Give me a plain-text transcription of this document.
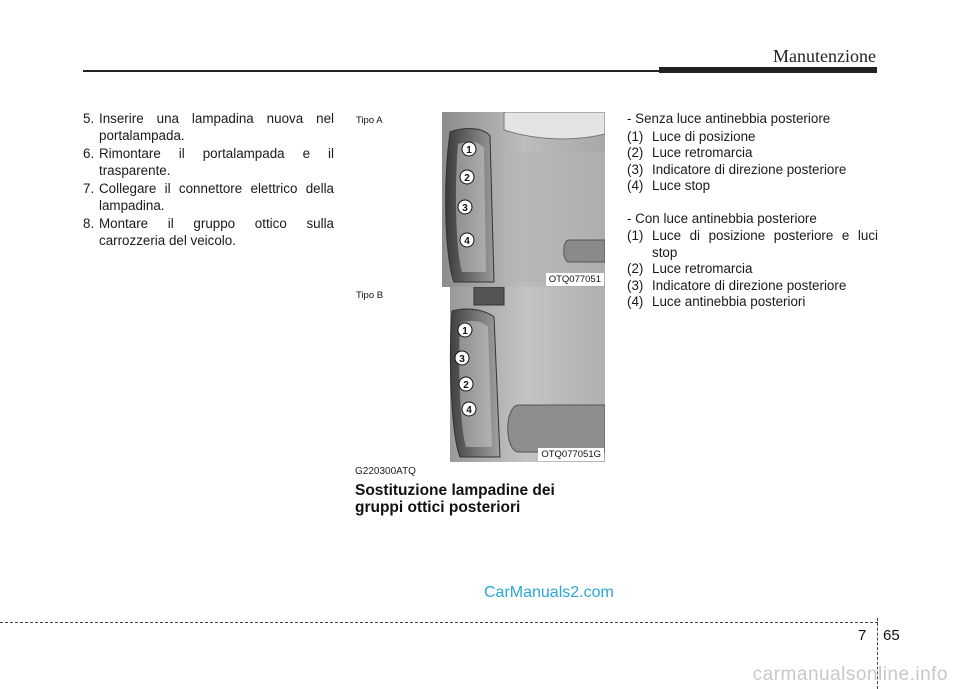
Manutenzione
5. Inserire una lampadina nuova nel
portalampada.
6. Rimontare il portalampada e il
trasparente.
7. Collegare il connettore elettrico della
lampadina.
8. Montare il gruppo ottico sulla
carrozzeria del veicolo.
1
2
3
4
Tipo A
OTQ077051
1
3
2
4
Tipo B
OTQ077051G
G220300ATQ
Sostituzione lampadine dei
gruppi ottici posteriori
- Senza luce antinebbia posteriore
(1) Luce di posizione
(2) Luce retromarcia
(3) Indicatore di direzione posteriore
(4) Luce stop
- Con luce antinebbia posteriore
(1) Luce di posizione posteriore e luci
stop
(2) Luce retromarcia
(3) Indicatore di direzione posteriore
(4) Luce antinebbia posteriori
CarManuals2.com
7 65
carmanualsonline.info
